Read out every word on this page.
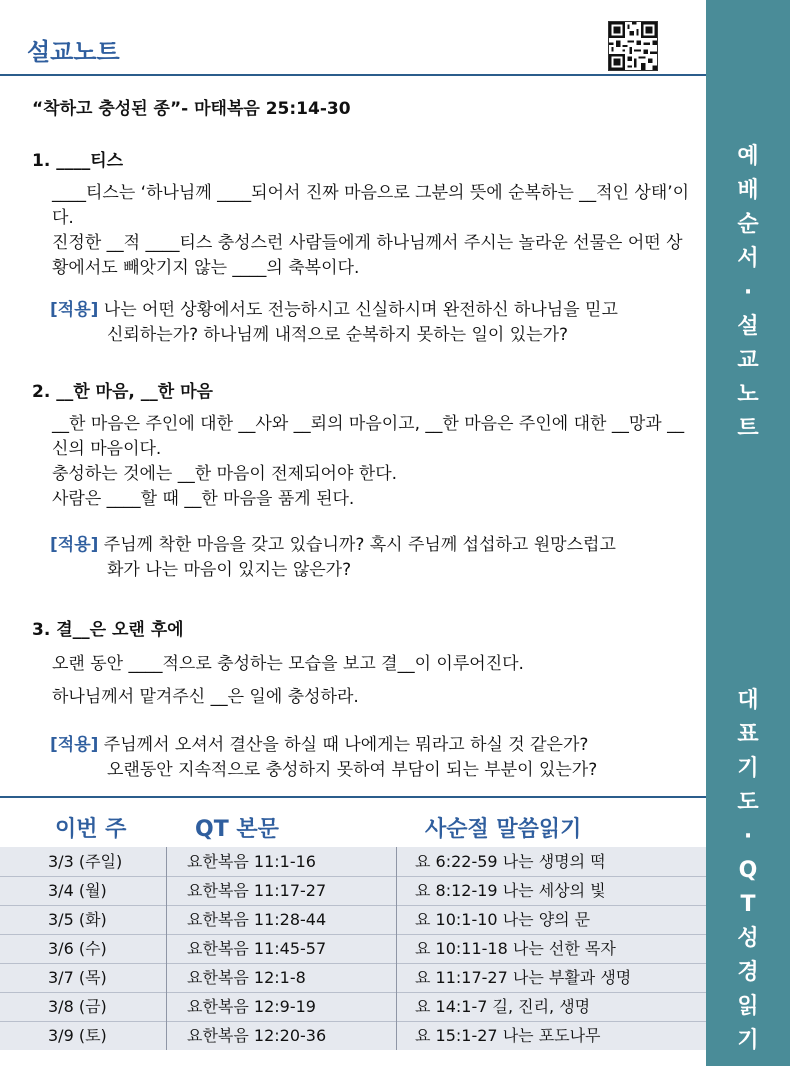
예
배
순
서
·
설
교
노
트
대
표
기
도
·
Q
T
성
경
읽
기
설교노트
“착하고 충성된 종”- 마태복음 25:14-30
1. ____티스
____티스는 ‘하나님께 ____되어서 진짜 마음으로 그분의 뜻에 순복하는 __적인 상태’이다.
진정한 __적 ____티스 충성스런 사람들에게 하나님께서 주시는 놀라운 선물은 어떤 상황에서도 빼앗기지 않는 ____의 축복이다.
[적용] 나는 어떤 상황에서도 전능하시고 신실하시며 완전하신 하나님을 믿고
신뢰하는가? 하나님께 내적으로 순복하지 못하는 일이 있는가?
2. __한 마음, __한 마음
__한 마음은 주인에 대한 __사와 __뢰의 마음이고, __한 마음은 주인에 대한 __망과 __신의 마음이다.
충성하는 것에는 __한 마음이 전제되어야 한다.
사람은 ____할 때 __한 마음을 품게 된다.
[적용] 주님께 착한 마음을 갖고 있습니까? 혹시 주님께 섭섭하고 원망스럽고
화가 나는 마음이 있지는 않은가?
3. 결__은 오랜 후에
오랜 동안 ____적으로 충성하는 모습을 보고 결__이 이루어진다.
하나님께서 맡겨주신 __은 일에 충성하라.
[적용] 주님께서 오셔서 결산을 하실 때 나에게는 뭐라고 하실 것 같은가?
오랜동안 지속적으로 충성하지 못하여 부담이 되는 부분이 있는가?
이번 주	QT 본문	사순절 말씀읽기
3/3 (주일)	요한복음 11:1-16	요 6:22-59 나는 생명의 떡
3/4 (월)	요한복음 11:17-27	요 8:12-19 나는 세상의 빛
3/5 (화)	요한복음 11:28-44	요 10:1-10 나는 양의 문
3/6 (수)	요한복음 11:45-57	요 10:11-18 나는 선한 목자
3/7 (목)	요한복음 12:1-8	요 11:17-27 나는 부활과 생명
3/8 (금)	요한복음 12:9-19	요 14:1-7 길, 진리, 생명
3/9 (토)	요한복음 12:20-36	요 15:1-27 나는 포도나무
